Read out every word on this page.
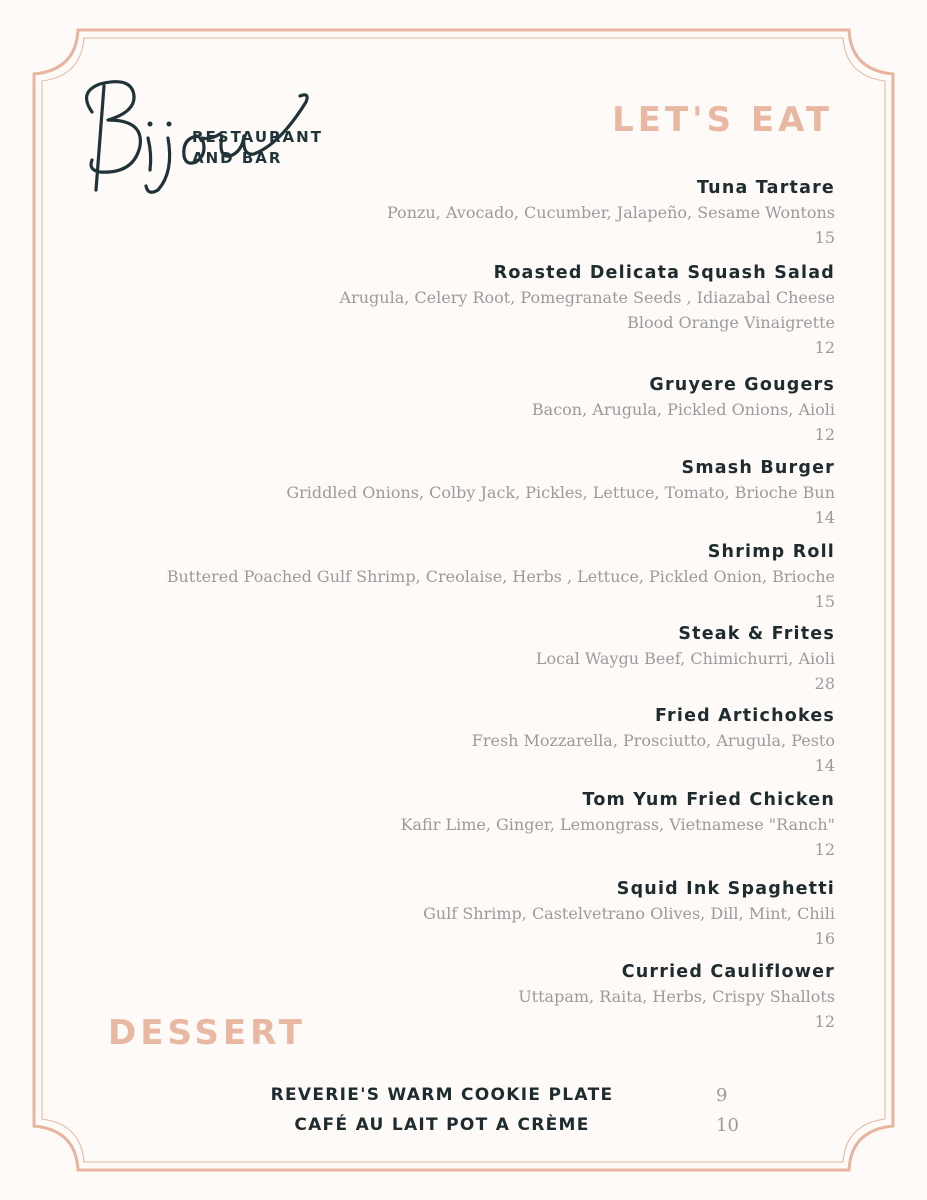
RESTAURANT
AND BAR
LET'S EAT
Tuna Tartare
Ponzu, Avocado, Cucumber, Jalapeño, Sesame Wontons
15
Roasted Delicata Squash Salad
Arugula, Celery Root, Pomegranate Seeds , Idiazabal Cheese
Blood Orange Vinaigrette
12
Gruyere Gougers
Bacon, Arugula, Pickled Onions, Aioli
12
Smash Burger
Griddled Onions, Colby Jack, Pickles, Lettuce, Tomato, Brioche Bun
14
Shrimp Roll
Buttered Poached Gulf Shrimp, Creolaise, Herbs , Lettuce, Pickled Onion, Brioche
15
Steak & Frites
Local Waygu Beef, Chimichurri, Aioli
28
Fried Artichokes
Fresh Mozzarella, Prosciutto, Arugula, Pesto
14
Tom Yum Fried Chicken
Kafir Lime, Ginger, Lemongrass, Vietnamese "Ranch"
12
Squid Ink Spaghetti
Gulf Shrimp, Castelvetrano Olives, Dill, Mint, Chili
16
Curried Cauliflower
Uttapam, Raita, Herbs, Crispy Shallots
12
DESSERT
REVERIE'S WARM COOKIE PLATE	9
CAFÉ AU LAIT POT A CRÈME	10
